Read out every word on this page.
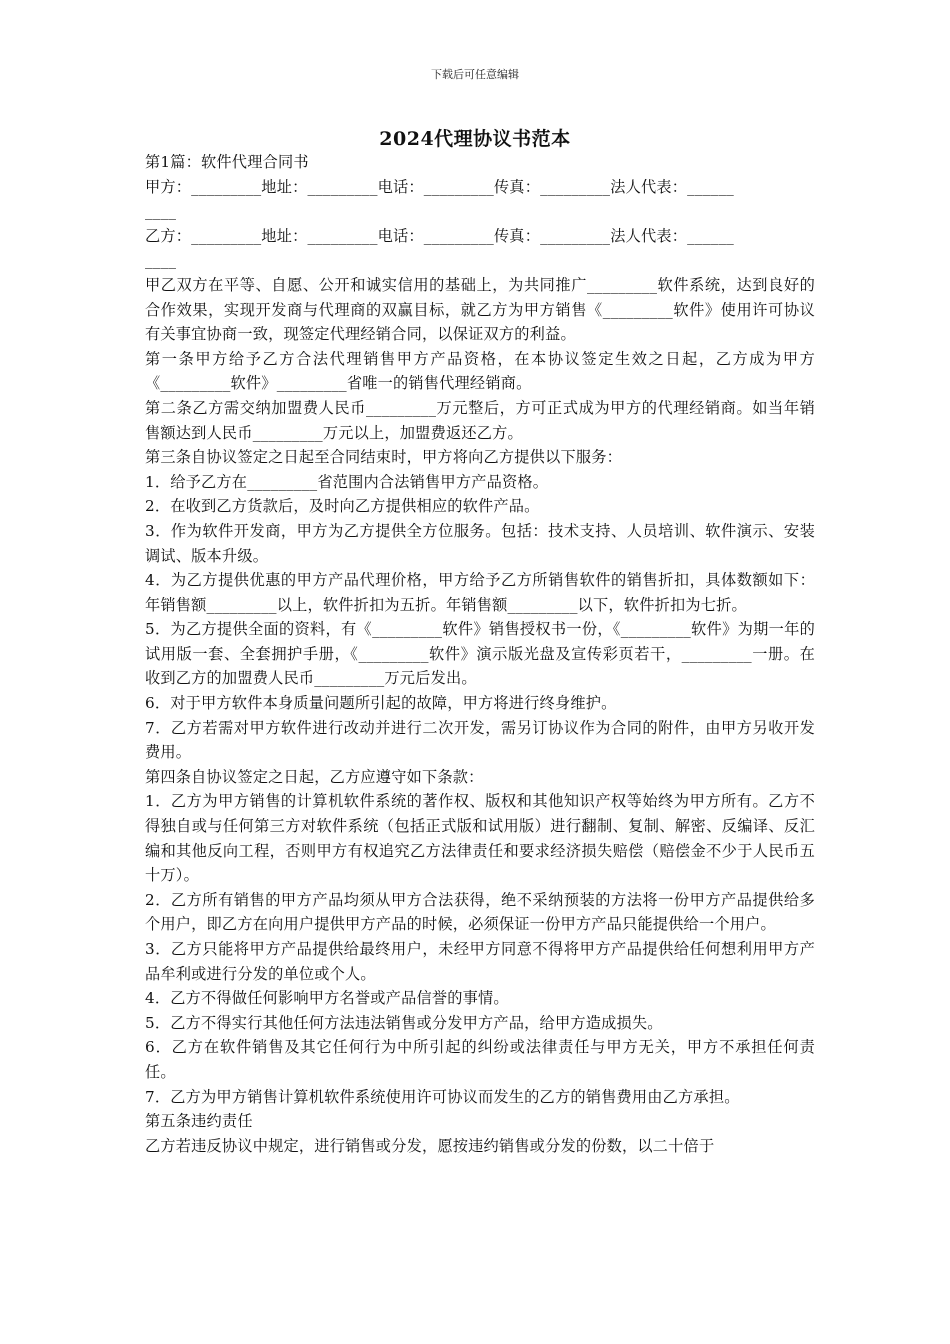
下载后可任意编辑
2024代理协议书范本

第1篇：软件代理合同书

甲方：_________地址：_________电话：_________传真：_________法人代表：______

____

乙方：_________地址：_________电话：_________传真：_________法人代表：______

____

甲乙双方在平等、自愿、公开和诚实信用的基础上，为共同推广_________软件系统，达到良好的合作效果，实现开发商与代理商的双赢目标，就乙方为甲方销售《_________软件》使用许可协议有关事宜协商一致，现签定代理经销合同，以保证双方的利益。

第一条甲方给予乙方合法代理销售甲方产品资格，在本协议签定生效之日起，乙方成为甲方《_________软件》_________省唯一的销售代理经销商。

第二条乙方需交纳加盟费人民币_________万元整后，方可正式成为甲方的代理经销商。如当年销售额达到人民币_________万元以上，加盟费返还乙方。

第三条自协议签定之日起至合同结束时，甲方将向乙方提供以下服务：

1．给予乙方在_________省范围内合法销售甲方产品资格。

2．在收到乙方货款后，及时向乙方提供相应的软件产品。

3．作为软件开发商，甲方为乙方提供全方位服务。包括：技术支持、人员培训、软件演示、安装调试、版本升级。

4．为乙方提供优惠的甲方产品代理价格，甲方给予乙方所销售软件的销售折扣，具体数额如下：年销售额_________以上，软件折扣为五折。年销售额_________以下，软件折扣为七折。

5．为乙方提供全面的资料，有《_________软件》销售授权书一份，《_________软件》为期一年的试用版一套、全套拥护手册，《_________软件》演示版光盘及宣传彩页若干，_________一册。在收到乙方的加盟费人民币_________万元后发出。

6．对于甲方软件本身质量问题所引起的故障，甲方将进行终身维护。

7．乙方若需对甲方软件进行改动并进行二次开发，需另订协议作为合同的附件，由甲方另收开发费用。

第四条自协议签定之日起，乙方应遵守如下条款：

1．乙方为甲方销售的计算机软件系统的著作权、版权和其他知识产权等始终为甲方所有。乙方不得独自或与任何第三方对软件系统（包括正式版和试用版）进行翻制、复制、解密、反编译、反汇编和其他反向工程，否则甲方有权追究乙方法律责任和要求经济损失赔偿（赔偿金不少于人民币五十万）。

2．乙方所有销售的甲方产品均须从甲方合法获得，绝不采纳预装的方法将一份甲方产品提供给多个用户，即乙方在向用户提供甲方产品的时候，必须保证一份甲方产品只能提供给一个用户。

3．乙方只能将甲方产品提供给最终用户，未经甲方同意不得将甲方产品提供给任何想利用甲方产品牟利或进行分发的单位或个人。

4．乙方不得做任何影响甲方名誉或产品信誉的事情。

5．乙方不得实行其他任何方法违法销售或分发甲方产品，给甲方造成损失。

6．乙方在软件销售及其它任何行为中所引起的纠纷或法律责任与甲方无关，甲方不承担任何责任。

7．乙方为甲方销售计算机软件系统使用许可协议而发生的乙方的销售费用由乙方承担。

第五条违约责任

乙方若违反协议中规定，进行销售或分发，愿按违约销售或分发的份数，以二十倍于
